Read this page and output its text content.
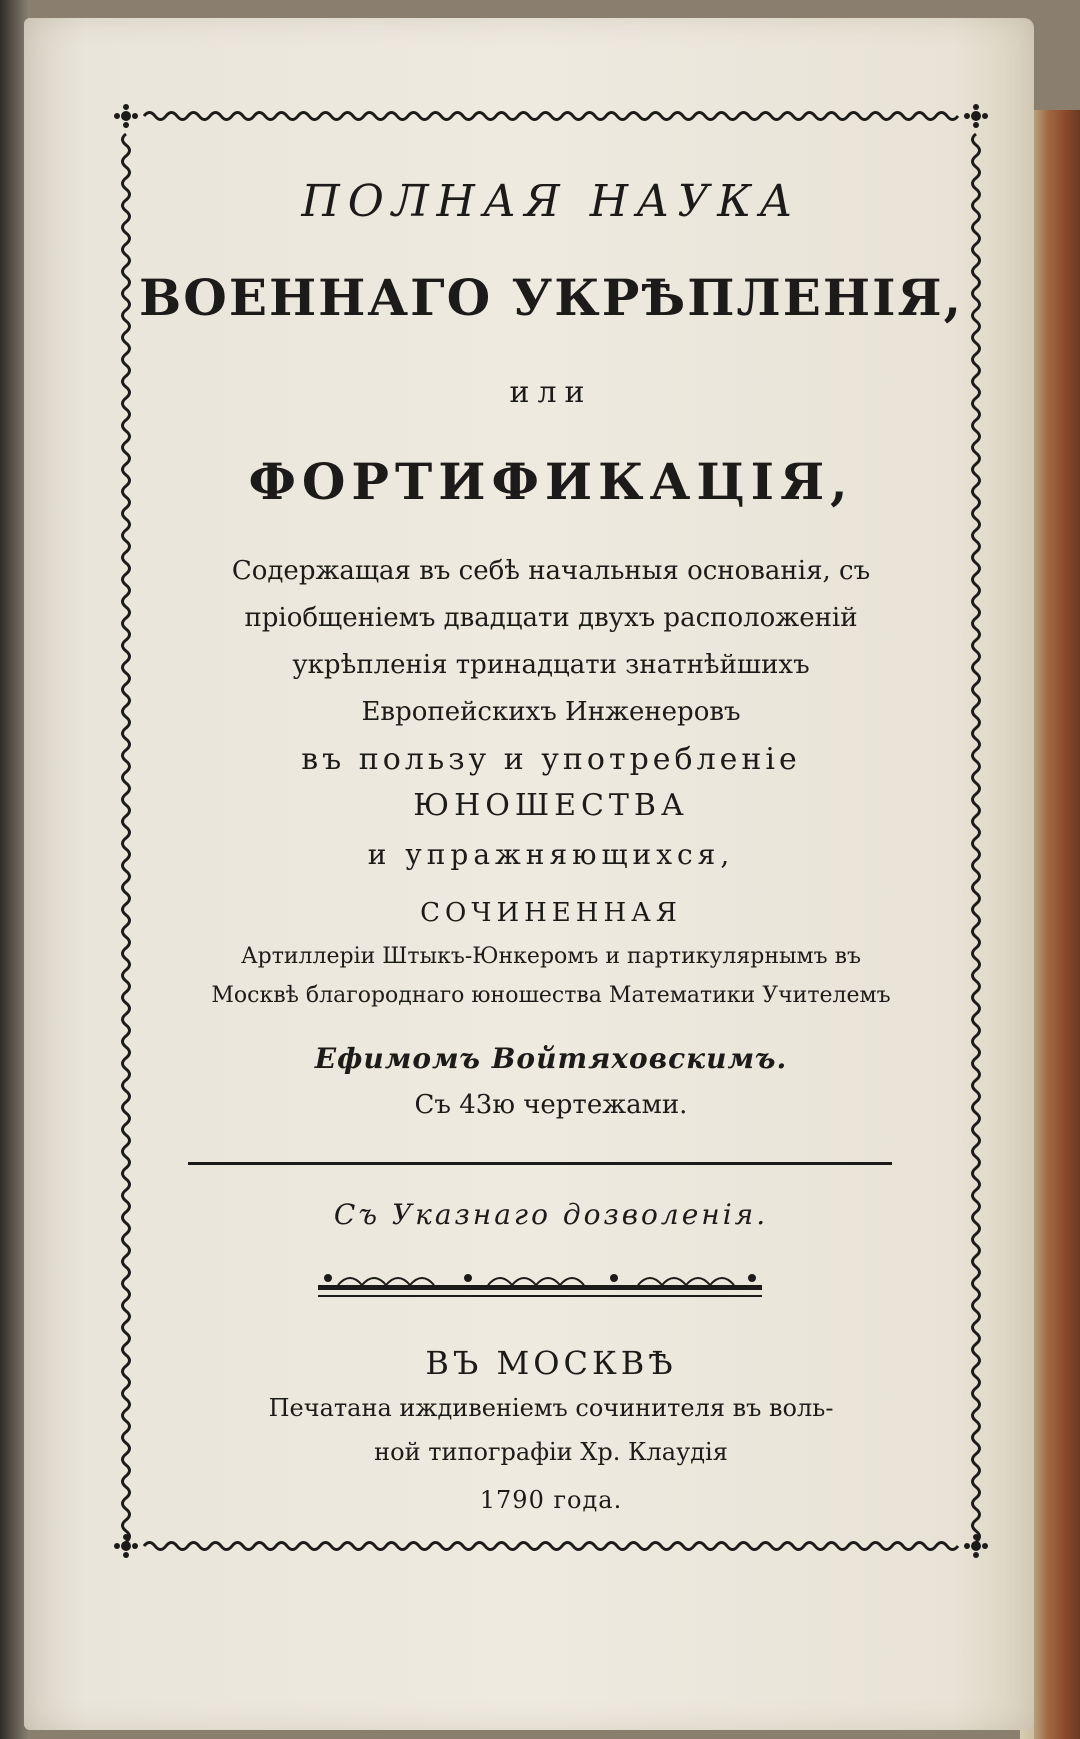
ПОЛНАЯ НАУКА
ВОЕННАГО УКРѢПЛЕНІЯ,
или
ФОРТИФИКАЦІЯ,
Содержащая въ себѣ начальныя основанія, съ
пріобщеніемъ двадцати двухъ расположеній
укрѣпленія тринадцати знатнѣйшихъ
Европейскихъ Инженеровъ
въ пользу и употребленіе
ЮНОШЕСТВА
и упражняющихся,
СОЧИНЕННАЯ
Артиллеріи Штыкъ-Юнкеромъ и партикулярнымъ въ
Москвѣ благороднаго юношества Математики Учителемъ
Ефимомъ Войтяховскимъ.
Съ 43ю чертежами.
Съ Указнаго дозволенія.
ВЪ МОСКВѢ
Печатана иждивеніемъ сочинителя въ воль-
ной типографіи Хр. Клаудія
1790 года.
